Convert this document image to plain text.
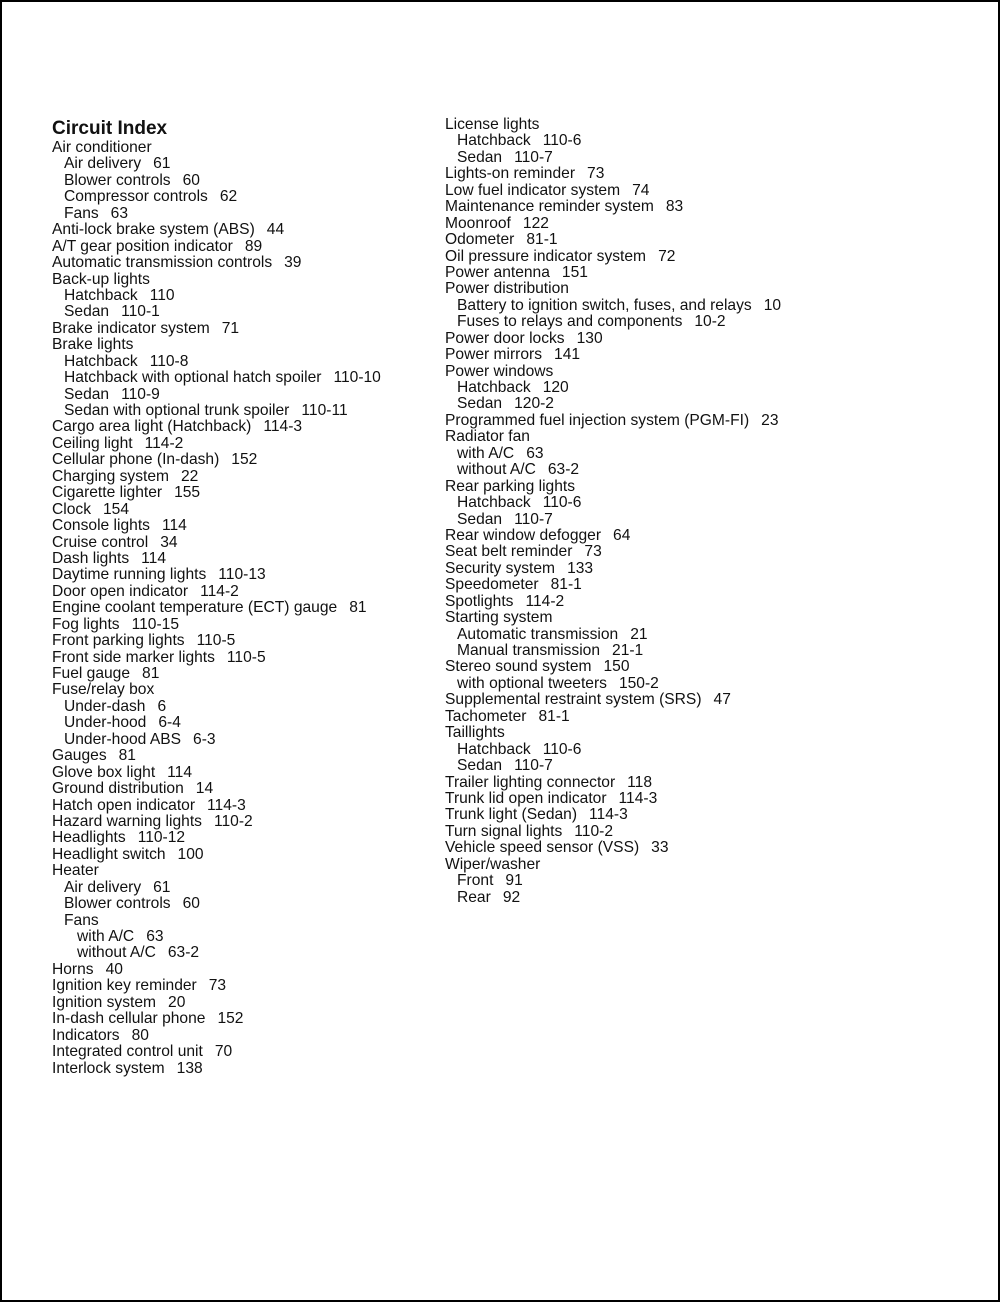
Circuit Index
Air conditioner
Air delivery 61
Blower controls 60
Compressor controls 62
Fans 63
Anti-lock brake system (ABS) 44
A/T gear position indicator 89
Automatic transmission controls 39
Back-up lights
Hatchback 110
Sedan 110-1
Brake indicator system 71
Brake lights
Hatchback 110-8
Hatchback with optional hatch spoiler 110-10
Sedan 110-9
Sedan with optional trunk spoiler 110-11
Cargo area light (Hatchback) 114-3
Ceiling light 114-2
Cellular phone (In-dash) 152
Charging system 22
Cigarette lighter 155
Clock 154
Console lights 114
Cruise control 34
Dash lights 114
Daytime running lights 110-13
Door open indicator 114-2
Engine coolant temperature (ECT) gauge 81
Fog lights 110-15
Front parking lights 110-5
Front side marker lights 110-5
Fuel gauge 81
Fuse/relay box
Under-dash 6
Under-hood 6-4
Under-hood ABS 6-3
Gauges 81
Glove box light 114
Ground distribution 14
Hatch open indicator 114-3
Hazard warning lights 110-2
Headlights 110-12
Headlight switch 100
Heater
Air delivery 61
Blower controls 60
Fans
with A/C 63
without A/C 63-2
Horns 40
Ignition key reminder 73
Ignition system 20
In-dash cellular phone 152
Indicators 80
Integrated control unit 70
Interlock system 138
License lights
Hatchback 110-6
Sedan 110-7
Lights-on reminder 73
Low fuel indicator system 74
Maintenance reminder system 83
Moonroof 122
Odometer 81-1
Oil pressure indicator system 72
Power antenna 151
Power distribution
Battery to ignition switch, fuses, and relays 10
Fuses to relays and components 10-2
Power door locks 130
Power mirrors 141
Power windows
Hatchback 120
Sedan 120-2
Programmed fuel injection system (PGM-FI) 23
Radiator fan
with A/C 63
without A/C 63-2
Rear parking lights
Hatchback 110-6
Sedan 110-7
Rear window defogger 64
Seat belt reminder 73
Security system 133
Speedometer 81-1
Spotlights 114-2
Starting system
Automatic transmission 21
Manual transmission 21-1
Stereo sound system 150
with optional tweeters 150-2
Supplemental restraint system (SRS) 47
Tachometer 81-1
Taillights
Hatchback 110-6
Sedan 110-7
Trailer lighting connector 118
Trunk lid open indicator 114-3
Trunk light (Sedan) 114-3
Turn signal lights 110-2
Vehicle speed sensor (VSS) 33
Wiper/washer
Front 91
Rear 92
